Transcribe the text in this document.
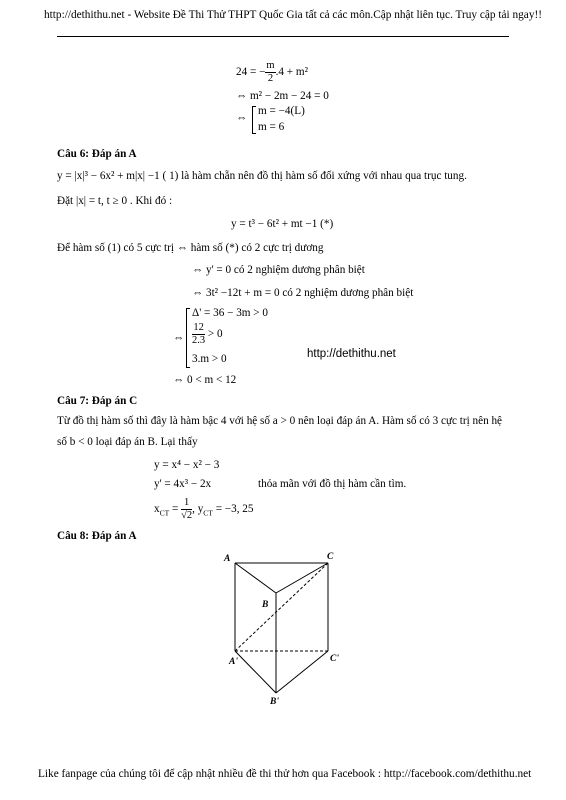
http://dethithu.net - Website Đề Thi Thử THPT Quốc Gia tất cả các môn.Cập nhật liên tục. Truy cập tải ngay!!
24 = − $\frac{m}{2} .4 + m^2$
⇔ m² − 2m − 24 = 0
⇔
m = −4(L)
m = 6
Câu 6: Đáp án A
y = |x|³ − 6x² + m|x| −1 ( 1) là hàm chẵn nên đồ thị hàm số đối xứng với nhau qua trục tung.
Đặt |x| = t, t ≥ 0 . Khi đó :
y = t³ − 6t² + mt −1 (*)
Để hàm số (1) có 5 cực trị ⇔ hàm số (*) có 2 cực trị dương
⇔ y' = 0 có 2 nghiệm dương phân biệt
⇔ 3t² −12t + m = 0 có 2 nghiệm dương phân biệt
⇔
Δ' = 36 − 3m > 0
$\frac{12}{2.3} > 0$
3.m > 0	http://dethithu.net
⇔ 0 < m < 12
Câu 7: Đáp án C
Từ đồ thị hàm số thì đây là hàm bậc 4 với hệ số a > 0 nên loại đáp án A. Hàm số có 3 cực trị nên hệ
số b < 0 loại đáp án B. Lại thấy
y = x⁴ − x² − 3
y' = 4x³ − 2x	thỏa mãn với đồ thị hàm cần tìm.
$x_{CT} = \frac{1}{√2}$ , $y_{CT} = -3$, 25
Câu 8: Đáp án A
A	C
B
A'	C'
B'
Like fanpage của chúng tôi để cập nhật nhiều đề thi thử hơn qua Facebook : http://facebook.com/dethithu.net
